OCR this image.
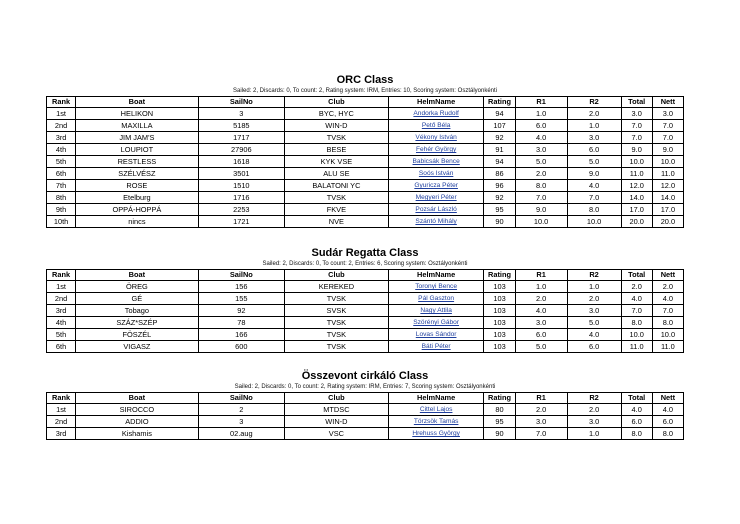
ORC Class
Sailed: 2, Discards: 0, To count: 2, Rating system: IRM, Entries: 10, Scoring system: Osztályonkénti
Rank	Boat	SailNo	Club	HelmName	Rating	R1	R2	Total	Nett
1st	HELIKON	3	BYC, HYC	Andorka Rudolf	94	1.0	2.0	3.0	3.0
2nd	MAXILLA	5185	WIN-D	Pető Béla	107	6.0	1.0	7.0	7.0
3rd	JIM JAM'S	1717	TVSK	Vékony István	92	4.0	3.0	7.0	7.0
4th	LOUPIOT	27906	BESE	Fehér György	91	3.0	6.0	9.0	9.0
5th	RESTLESS	1618	KYK VSE	Babicsák Bence	94	5.0	5.0	10.0	10.0
6th	SZÉLVÉSZ	3501	ALU SE	Soós István	86	2.0	9.0	11.0	11.0
7th	ROSE	1510	BALATONI YC	Gyuricza Péter	96	8.0	4.0	12.0	12.0
8th	Etelburg	1716	TVSK	Megyeri Péter	92	7.0	7.0	14.0	14.0
9th	OPPÁ-HOPPÁ	2253	FKVE	Pozsár László	95	9.0	8.0	17.0	17.0
10th	nincs	1721	NVE	Szántó Mihály	90	10.0	10.0	20.0	20.0
Sudár Regatta Class
Sailed: 2, Discards: 0, To count: 2, Entries: 6, Scoring system: Osztályonkénti
Rank	Boat	SailNo	Club	HelmName	Rating	R1	R2	Total	Nett
1st	ÖREG	156	KEREKED	Toronyi Bence	103	1.0	1.0	2.0	2.0
2nd	GÉ	155	TVSK	Pál Gaszton	103	2.0	2.0	4.0	4.0
3rd	Tobago	92	SVSK	Nagy Attila	103	4.0	3.0	7.0	7.0
4th	SZÁZ*SZÉP	78	TVSK	Szörényi Gábor	103	3.0	5.0	8.0	8.0
5th	FÖSZÉL	166	TVSK	Lovas Sándor	103	6.0	4.0	10.0	10.0
6th	VIGASZ	600	TVSK	Báti Péter	103	5.0	6.0	11.0	11.0
Összevont cirkáló Class
Sailed: 2, Discards: 0, To count: 2, Rating system: IRM, Entries: 7, Scoring system: Osztályonkénti
Rank	Boat	SailNo	Club	HelmName	Rating	R1	R2	Total	Nett
1st	SIROCCO	2	MTDSC	Cittel Lajos	80	2.0	2.0	4.0	4.0
2nd	ADDIO	3	WIN-D	Törzsök Tamás	95	3.0	3.0	6.0	6.0
3rd	Kishamis	02.aug	VSC	Hrehuss György	90	7.0	1.0	8.0	8.0
